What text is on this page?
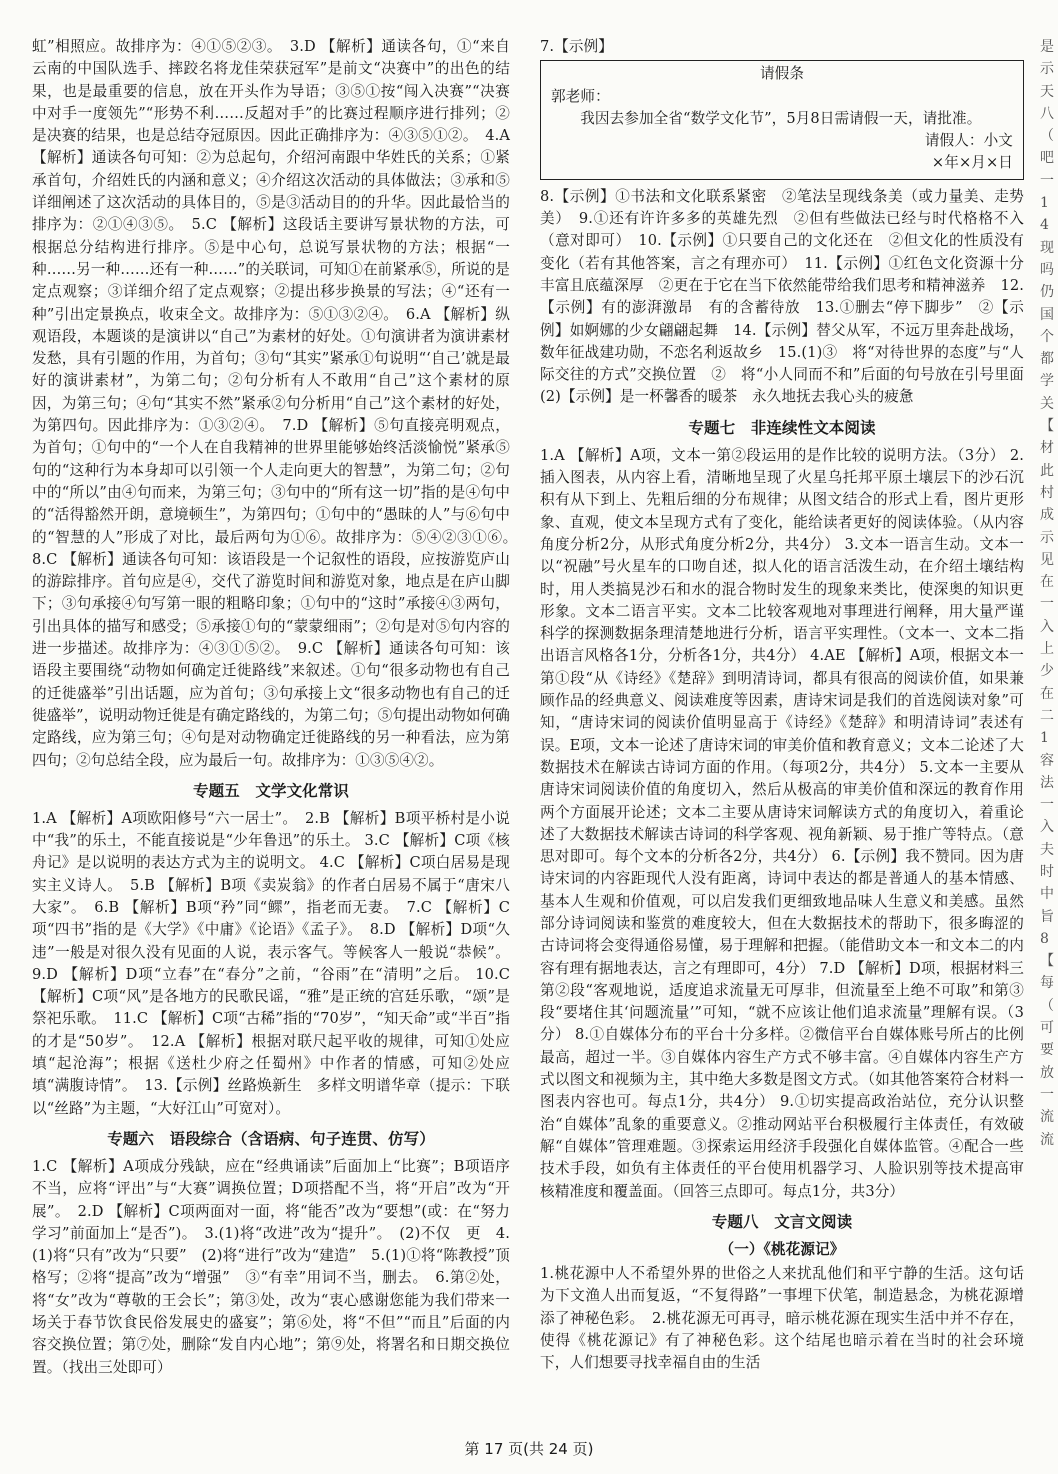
虹”相照应。故排序为：④①⑤②③。　3.D 【解析】通读各句，①“来自云南的中国队选手、摔跤名将龙佳荣获冠军”是前文“决赛中”的出色的结果，也是最重要的信息，放在开头作为导语；③⑤①按“闯入决赛”“决赛中对手一度领先”“形势不利……反超对手”的比赛过程顺序进行排列；②是决赛的结果，也是总结夺冠原因。因此正确排序为：④③⑤①②。　4.A 【解析】通读各句可知：②为总起句，介绍河南跟中华姓氏的关系；①紧承首句，介绍姓氏的内涵和意义；④介绍这次活动的具体做法；③承和⑤详细阐述了这次活动的具体目的，⑤是③活动目的的升华。因此最恰当的排序为：②①④③⑤。　5.C 【解析】这段话主要讲写景状物的方法，可根据总分结构进行排序。⑤是中心句，总说写景状物的方法；根据“一种……另一种……还有一种……”的关联词，可知①在前紧承⑤，所说的是定点观察；③详细介绍了定点观察；②提出移步换景的写法；④“还有一种”引出定景换点，收束全文。故排序为：⑤①③②④。　6.A 【解析】纵观语段，本题谈的是演讲以“自己”为素材的好处。①句演讲者为演讲素材发愁，具有引题的作用，为首句；③句“其实”紧承①句说明“‘自己’就是最好的演讲素材”，为第二句；②句分析有人不敢用“自己”这个素材的原因，为第三句；④句“其实不然”紧承②句分析用“自己”这个素材的好处，为第四句。因此排序为：①③②④。　7.D 【解析】⑤句直接亮明观点，为首句；①句中的“一个人在自我精神的世界里能够始终活淡愉悦”紧承⑤句的“这种行为本身却可以引领一个人走向更大的智慧”，为第二句；②句中的“所以”由④句而来，为第三句；③句中的“所有这一切”指的是④句中的“活得豁然开朗，意境顿生”，为第四句；①句中的“愚昧的人”与⑥句中的“智慧的人”形成了对比，最后两句为①⑥。故排序为：⑤④②③①⑥。　8.C 【解析】通读各句可知：该语段是一个记叙性的语段，应按游览庐山的游踪排序。首句应是④，交代了游览时间和游览对象，地点是在庐山脚下；③句承接④句写第一眼的粗略印象；①句中的“这时”承接④③两句，引出具体的描写和感受；⑤承接①句的“蒙蒙细雨”；②句是对⑤句内容的进一步描述。故排序为：④③①⑤②。　9.C 【解析】通读各句可知：该语段主要围绕“动物如何确定迁徙路线”来叙述。①句“很多动物也有自己的迁徙盛举”引出话题，应为首句；③句承接上文“很多动物也有自己的迁徙盛举”，说明动物迁徙是有确定路线的，为第二句；⑤句提出动物如何确定路线，应为第三句；④句是对动物确定迁徙路线的另一种看法，应为第四句；②句总结全段，应为最后一句。故排序为：①③⑤④②。

专题五　文学文化常识

1.A 【解析】A项欧阳修号“六一居士”。　2.B 【解析】B项平桥村是小说中“我”的乐土，不能直接说是“少年鲁迅”的乐土。 3.C 【解析】C项《核舟记》是以说明的表达方式为主的说明文。 4.C 【解析】C项白居易是现实主义诗人。　5.B 【解析】B项《卖炭翁》的作者白居易不属于“唐宋八大家”。　6.B 【解析】B项“矜”同“鳏”，指老而无妻。　7.C 【解析】C项“四书”指的是《大学》《中庸》《论语》《孟子》。　8.D 【解析】D项“久违”一般是对很久没有见面的人说，表示客气。等候客人一般说“恭候”。 9.D 【解析】D项“立春”在“春分”之前，“谷雨”在“清明”之后。 10.C 【解析】C项“风”是各地方的民歌民谣，“雅”是正统的宫廷乐歌，“颂”是祭祀乐歌。　11.C 【解析】C项“古稀”指的“70岁”，“知天命”或“半百”指的才是“50岁”。　12.A 【解析】根据对联尺起平收的规律，可知①处应填“起沧海”；根据《送杜少府之任蜀州》中作者的情感，可知②处应填“满腹诗情”。　13.【示例】丝路焕新生　多样文明谱华章（提示：下联以“丝路”为主题，“大好江山”可宽对）。

专题六　语段综合（含语病、句子连贯、仿写）

1.C 【解析】A项成分残缺，应在“经典诵读”后面加上“比赛”；B项语序不当，应将“评出”与“大赛”调换位置；D项搭配不当，将“开启”改为“开展”。　2.D 【解析】C项两面对一面，将“能否”改为“要想”(或：在“努力学习”前面加上“是否”)。　3.(1)将“改进”改为“提升”。　(2)不仅　更　4.(1)将“只有”改为“只要”　(2)将“进行”改为“建造”　5.(1)①将“陈教授”顶格写；②将“提高”改为“增强”　③“有幸”用词不当，删去。　6.第②处，将“女”改为“尊敬的王会长”；第③处，改为“衷心感谢您能为我们带来一场关于春节饮食民俗发展史的盛宴”；第⑥处，将“不但”“而且”后面的内容交换位置；第⑦处，删除“发自内心地”；第⑨处，将署名和日期交换位置。（找出三处即可）

7.【示例】

请假条
郭老师：
我因去参加全省“数学文化节”，5月8日需请假一天，请批准。
请假人：小文
×年×月×日

8.【示例】①书法和文化联系紧密　②笔法呈现线条美（或力量美、走势美）　9.①还有许许多多的英雄先烈　②但有些做法已经与时代格格不入（意对即可）　10.【示例】①只要自己的文化还在　②但文化的性质没有变化（若有其他答案，言之有理亦可）　11.【示例】①红色文化资源十分丰富且底蕴深厚　②更在于它在当下依然能带给我们思考和精神滋养　12.【示例】有的澎湃激昂　有的含蓄待放　13.①删去“停下脚步”　②【示例】如婀娜的少女翩翩起舞　14.【示例】替父从军，不远万里奔赴战场，数年征战建功勋，不恋名利返故乡　15.(1)③　将“对待世界的态度”与“人际交往的方式”交换位置　②　将“小人同而不和”后面的句号放在引号里面　(2)【示例】是一杯馨香的暖茶　永久地抚去我心头的疲惫

专题七　非连续性文本阅读

1.A 【解析】A项，文本一第②段运用的是作比较的说明方法。（3分） 2.插入图表，从内容上看，清晰地呈现了火星乌托邦平原土壤层下的沙石沉积有从下到上、先粗后细的分布规律；从图文结合的形式上看，图片更形象、直观，使文本呈现方式有了变化，能给读者更好的阅读体验。（从内容角度分析2分，从形式角度分析2分，共4分） 3.文本一语言生动。文本一以“祝融”号火星车的口吻自述，拟人化的语言活泼生动，在介绍土壤结构时，用人类搞晃沙石和水的混合物时发生的现象来类比，使深奥的知识更形象。文本二语言平实。文本二比较客观地对事理进行阐释，用大量严谨科学的探测数据条理清楚地进行分析，语言平实理性。（文本一、文本二指出语言风格各1分，分析各1分，共4分） 4.AE 【解析】A项，根据文本一第①段“从《诗经》《楚辞》到明清诗词，都具有很高的阅读价值，如果兼顾作品的经典意义、阅读难度等因素，唐诗宋词是我们的首选阅读对象”可知，“唐诗宋词的阅读价值明显高于《诗经》《楚辞》和明清诗词”表述有误。E项，文本一论述了唐诗宋词的审美价值和教育意义；文本二论述了大数据技术在解读古诗词方面的作用。（每项2分，共4分） 5.文本一主要从唐诗宋词阅读价值的角度切入，然后从极高的审美价值和深远的教育作用两个方面展开论述；文本二主要从唐诗宋词解读方式的角度切入，着重论述了大数据技术解读古诗词的科学客观、视角新颖、易于推广等特点。（意思对即可。每个文本的分析各2分，共4分） 6.【示例】我不赞同。因为唐诗宋词的内容距现代人没有距离，诗词中表达的都是普通人的基本情感、基本人生观和价值观，可以启发我们更细致地品味人生意义和美感。虽然部分诗词阅读和鉴赏的难度较大，但在大数据技术的帮助下，很多晦涩的古诗词将会变得通俗易懂，易于理解和把握。（能借助文本一和文本二的内容有理有据地表达，言之有理即可，4分） 7.D 【解析】D项，根据材料三第②段“客观地说，适度追求流量无可厚非，但流量至上绝不可取”和第③段“要堵住其‘问题流量’”可知，“就不应该让他们追求流量”理解有误。（3分） 8.①自媒体分布的平台十分多样。②微信平台自媒体账号所占的比例最高，超过一半。③自媒体内容生产方式不够丰富。④自媒体内容生产方式以图文和视频为主，其中绝大多数是图文方式。（如其他答案符合材料一图表内容也可。每点1分，共4分） 9.①切实提高政治站位，充分认识整治“自媒体”乱象的重要意义。②推动网站平台积极履行主体责任，有效破解“自媒体”管理难题。③探索运用经济手段强化自媒体监管。④配合一些技术手段，如负有主体责任的平台使用机器学习、人脸识别等技术提高审核精准度和覆盖面。（回答三点即可。每点1分，共3分）

专题八　文言文阅读
（一）《桃花源记》

1.桃花源中人不希望外界的世俗之人来扰乱他们和平宁静的生活。这句话为下文渔人出而复返，“不复得路”一事埋下伏笔，制造悬念，为桃花源增添了神秘色彩。　2.桃花源无可再寻，暗示桃花源在现实生活中并不存在，使得《桃花源记》有了神秘色彩。这个结尾也暗示着在当时的社会环境下，人们想要寻找幸福自由的生活

是
示
天
八
（
吧
一
1
4
现
吗
仍
国
个
都
学
关
【
材
此
村
成
示
见
在
一
入
上
少
在
二
1
容
法
一
入
夫
时
中
旨
8
【
每
（
可
要
放
一
流
流
第 17 页(共 24 页)
